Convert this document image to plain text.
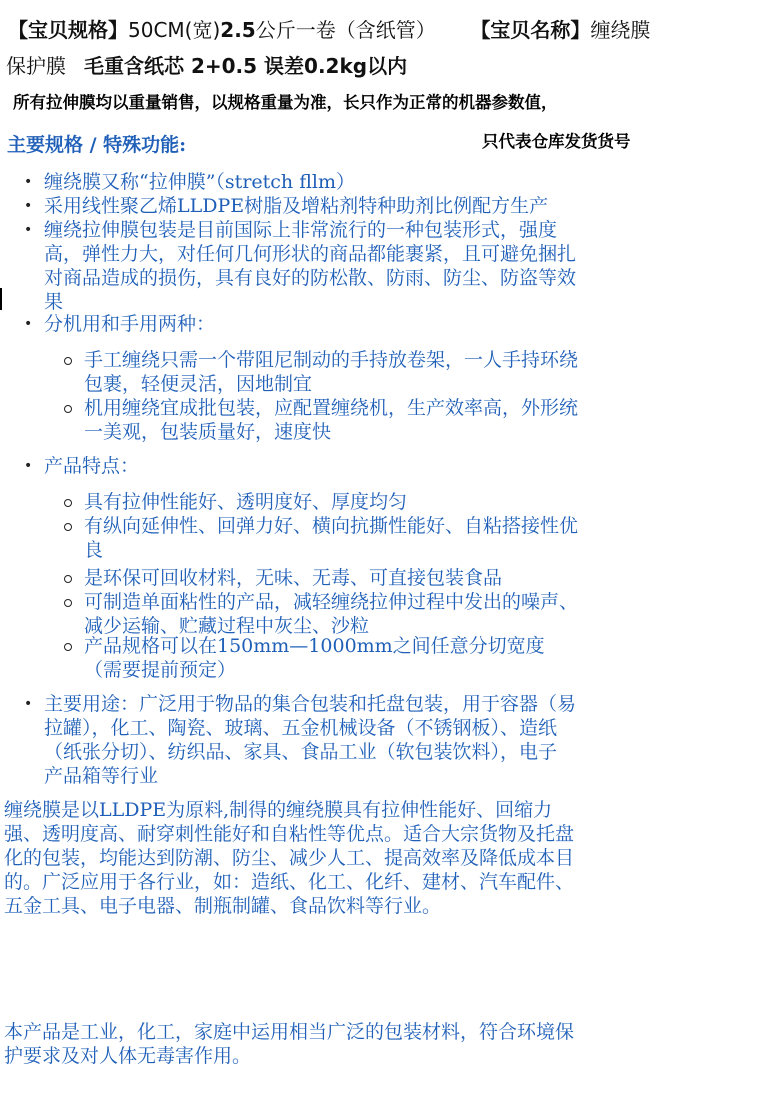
【宝贝规格】50CM(宽)2.5公斤一卷（含纸管） 【宝贝名称】缠绕膜
保护膜 毛重含纸芯 2+0.5 误差0.2kg以内
所有拉伸膜均以重量销售，以规格重量为准，长只作为正常的机器参数值，
主要规格 / 特殊功能:	只代表仓库发货货号
• 缠绕膜又称“拉伸膜”（stretch fllm）
• 采用线性聚乙烯LLDPE树脂及增粘剂特种助剂比例配方生产
• 缠绕拉伸膜包装是目前国际上非常流行的一种包装形式，强度
高，弹性力大，对任何几何形状的商品都能裹紧，且可避免捆扎
对商品造成的损伤，具有良好的防松散、防雨、防尘、防盗等效
果
• 分机用和手用两种：
• 产品特点：
• 主要用途：广泛用于物品的集合包装和托盘包装，用于容器（易
拉罐），化工、陶瓷、玻璃、五金机械设备（不锈钢板）、造纸
（纸张分切）、纺织品、家具、食品工业（软包装饮料），电子
产品箱等行业
手工缠绕只需一个带阻尼制动的手持放卷架，一人手持环绕
包裹，轻便灵活，因地制宜
机用缠绕宜成批包装，应配置缠绕机，生产效率高，外形统
一美观，包装质量好，速度快
具有拉伸性能好、透明度好、厚度均匀
有纵向延伸性、回弹力好、横向抗撕性能好、自粘搭接性优
良
是环保可回收材料，无味、无毒、可直接包装食品
可制造单面粘性的产品，减轻缠绕拉伸过程中发出的噪声、
减少运输、贮藏过程中灰尘、沙粒
产品规格可以在150mm—1000mm之间任意分切宽度
（需要提前预定）
缠绕膜是以LLDPE为原料,制得的缠绕膜具有拉伸性能好、回缩力
强、透明度高、耐穿刺性能好和自粘性等优点。适合大宗货物及托盘
化的包装，均能达到防潮、防尘、减少人工、提高效率及降低成本目
的。广泛应用于各行业，如：造纸、化工、化纤、建材、汽车配件、
五金工具、电子电器、制瓶制罐、食品饮料等行业。
本产品是工业，化工，家庭中运用相当广泛的包装材料，符合环境保
护要求及对人体无毒害作用。
